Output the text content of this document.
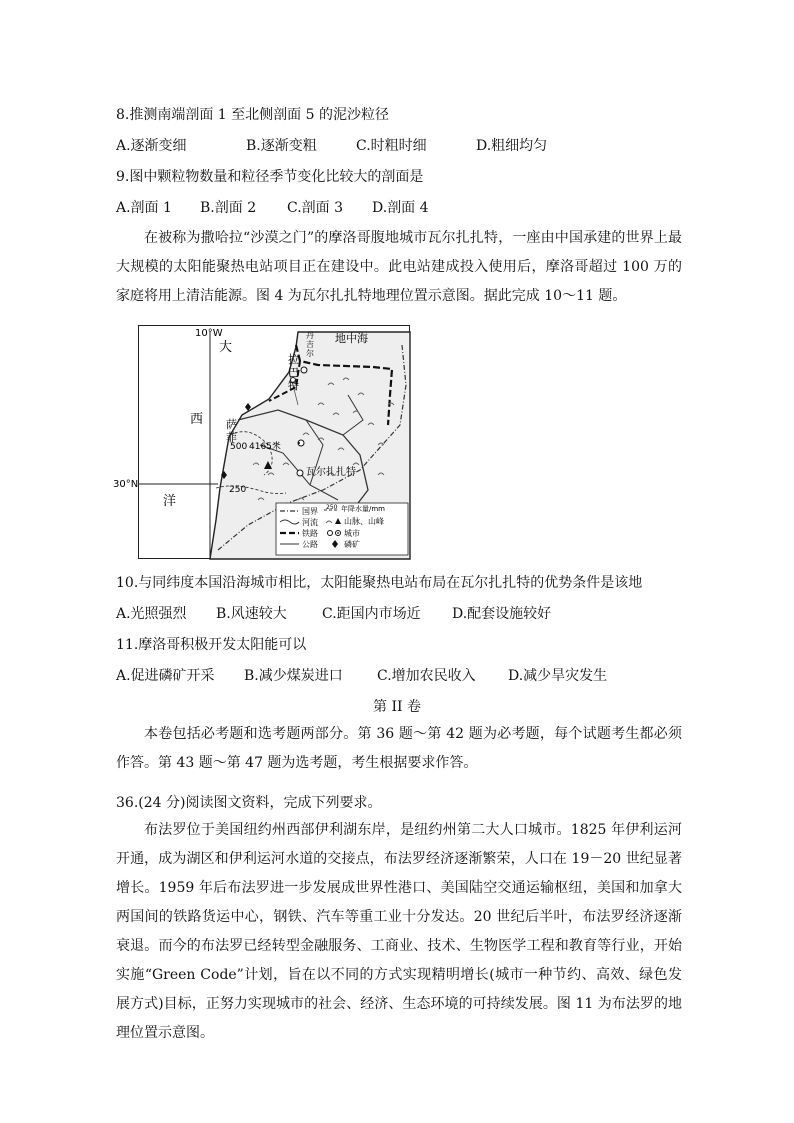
8.推测南端剖面 1 至北侧剖面 5 的泥沙粒径
A.逐渐变细	B.逐渐变粗	C.时粗时细	D.粗细均匀
9.图中颗粒物数量和粒径季节变化比较大的剖面是
A.剖面 1 B.剖面 2 C.剖面 3 D.剖面 4
在被称为撒哈拉“沙漠之门”的摩洛哥腹地城市瓦尔扎扎特，一座由中国承建的世界上最大规模的太阳能聚热电站项目正在建设中。此电站建成投入使用后，摩洛哥超过 100 万的家庭将用上清洁能源。图 4 为瓦尔扎扎特地理位置示意图。据此完成 10～11 题。
10°W
30°N
地中海
大
西
洋
丹
吉
尔
拉
巴
特
萨
菲
500 4165米
250
瓦尔扎扎特
国界
河流
铁路
公路
250 年降水量/mm
山脉、山峰
城市
磷矿
10.与同纬度本国沿海城市相比，太阳能聚热电站布局在瓦尔扎扎特的优势条件是该地
A.光照强烈 B.风速较大	C.距国内市场近 D.配套设施较好
11.摩洛哥积极开发太阳能可以
A.促进磷矿开采 B.减少煤炭进口 C.增加农民收入 D.减少旱灾发生
第 II 卷
本卷包括必考题和选考题两部分。第 36 题～第 42 题为必考题，每个试题考生都必须作答。第 43 题～第 47 题为选考题，考生根据要求作答。
36.(24 分)阅读图文资料，完成下列要求。
布法罗位于美国纽约州西部伊利湖东岸，是纽约州第二大人口城市。1825 年伊利运河开通，成为湖区和伊利运河水道的交接点，布法罗经济逐渐繁荣，人口在 19－20 世纪显著增长。1959 年后布法罗进一步发展成世界性港口、美国陆空交通运输枢纽，美国和加拿大两国间的铁路货运中心，钢铁、汽车等重工业十分发达。20 世纪后半叶，布法罗经济逐渐衰退。而今的布法罗已经转型金融服务、工商业、技术、生物医学工程和教育等行业，开始实施“Green Code”计划，旨在以不同的方式实现精明增长(城市一种节约、高效、绿色发展方式)目标，正努力实现城市的社会、经济、生态环境的可持续发展。图 11 为布法罗的地理位置示意图。
